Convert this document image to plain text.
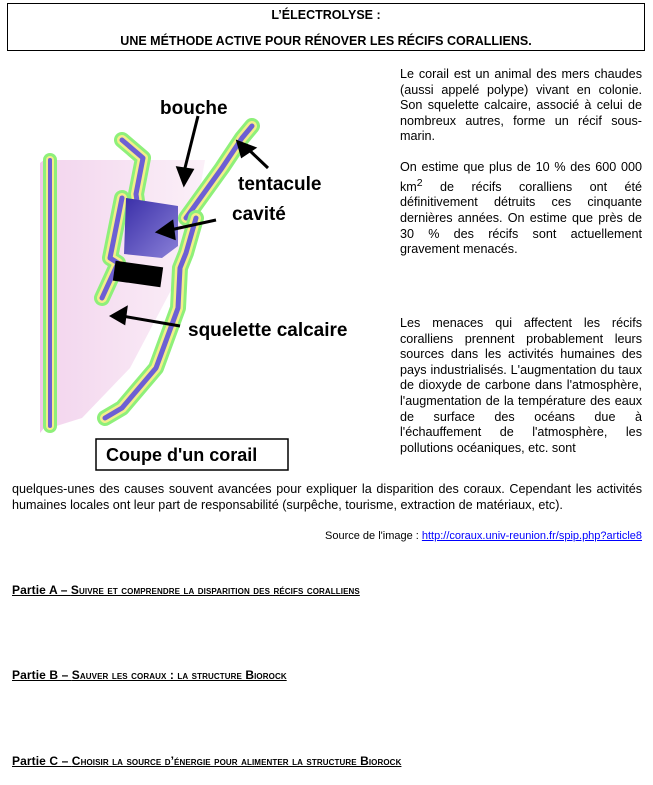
L’ÉLECTROLYSE :
UNE MÉTHODE ACTIVE POUR RÉNOVER LES RÉCIFS CORALLIENS.
bouche
tentacule
cavité
squelette calcaire
Coupe d'un corail
Le corail est un animal des mers chaudes (aussi appelé polype) vivant en colonie. Son squelette calcaire, associé à celui de nombreux autres, forme un récif sous-marin.
On estime que plus de 10 % des 600 000 $km^2$ de récifs coralliens ont été définitivement détruits ces cinquante dernières années. On estime que près de 30 % des récifs sont actuellement gravement menacés.
Les menaces qui affectent les récifs coralliens prennent probablement leurs sources dans les activités humaines des pays industrialisés. L'augmentation du taux de dioxyde de carbone dans l'atmosphère, l'augmentation de la température des eaux de surface des océans due à l'échauffement de l'atmosphère, les pollutions océaniques, etc. sont
quelques-unes des causes souvent avancées pour expliquer la disparition des coraux. Cependant les activités humaines locales ont leur part de responsabilité (surpêche, tourisme, extraction de matériaux, etc).
Source de l'image : http://coraux.univ-reunion.fr/spip.php?article8
Partie A – Suivre et comprendre la disparition des récifs coralliens
Partie B – Sauver les coraux : la structure Biorock
Partie C – Choisir la source d’énergie pour alimenter la structure Biorock
